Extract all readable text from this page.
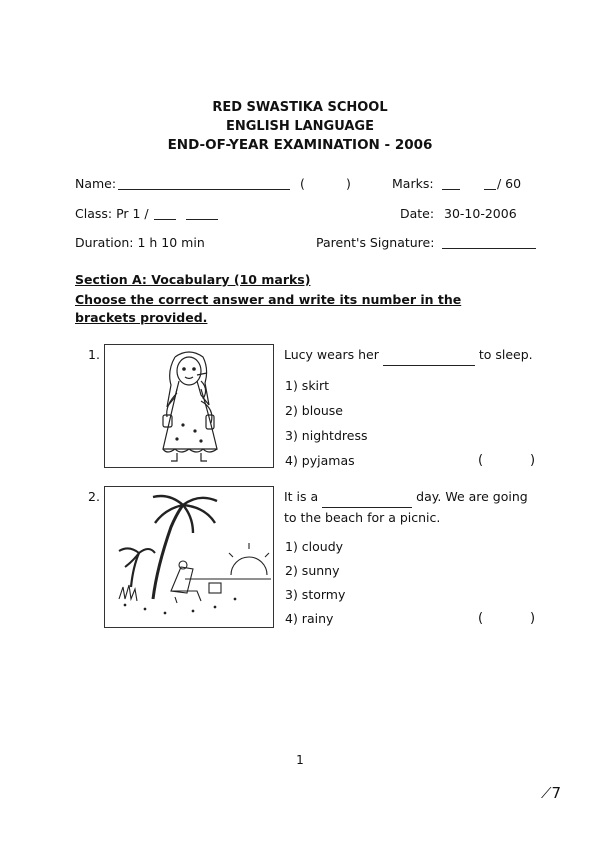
RED SWASTIKA SCHOOL
ENGLISH LANGUAGE
END-OF-YEAR EXAMINATION - 2006
Name:	(	)	Marks:	/ 60
Class: Pr 1 /	Date: 30-10-2006
Duration: 1 h 10 min	Parent's Signature:
Section A: Vocabulary (10 marks)
Choose the correct answer and write its number in the brackets provided.
1.	Lucy wears her	to sleep.
1) skirt
2) blouse
3) nightdress
4) pyjamas	(	)
2.	It is a	day. We are going
to the beach for a picnic.
1) cloudy
2) sunny
3) stormy
4) rainy	(	)
1
⟋7
